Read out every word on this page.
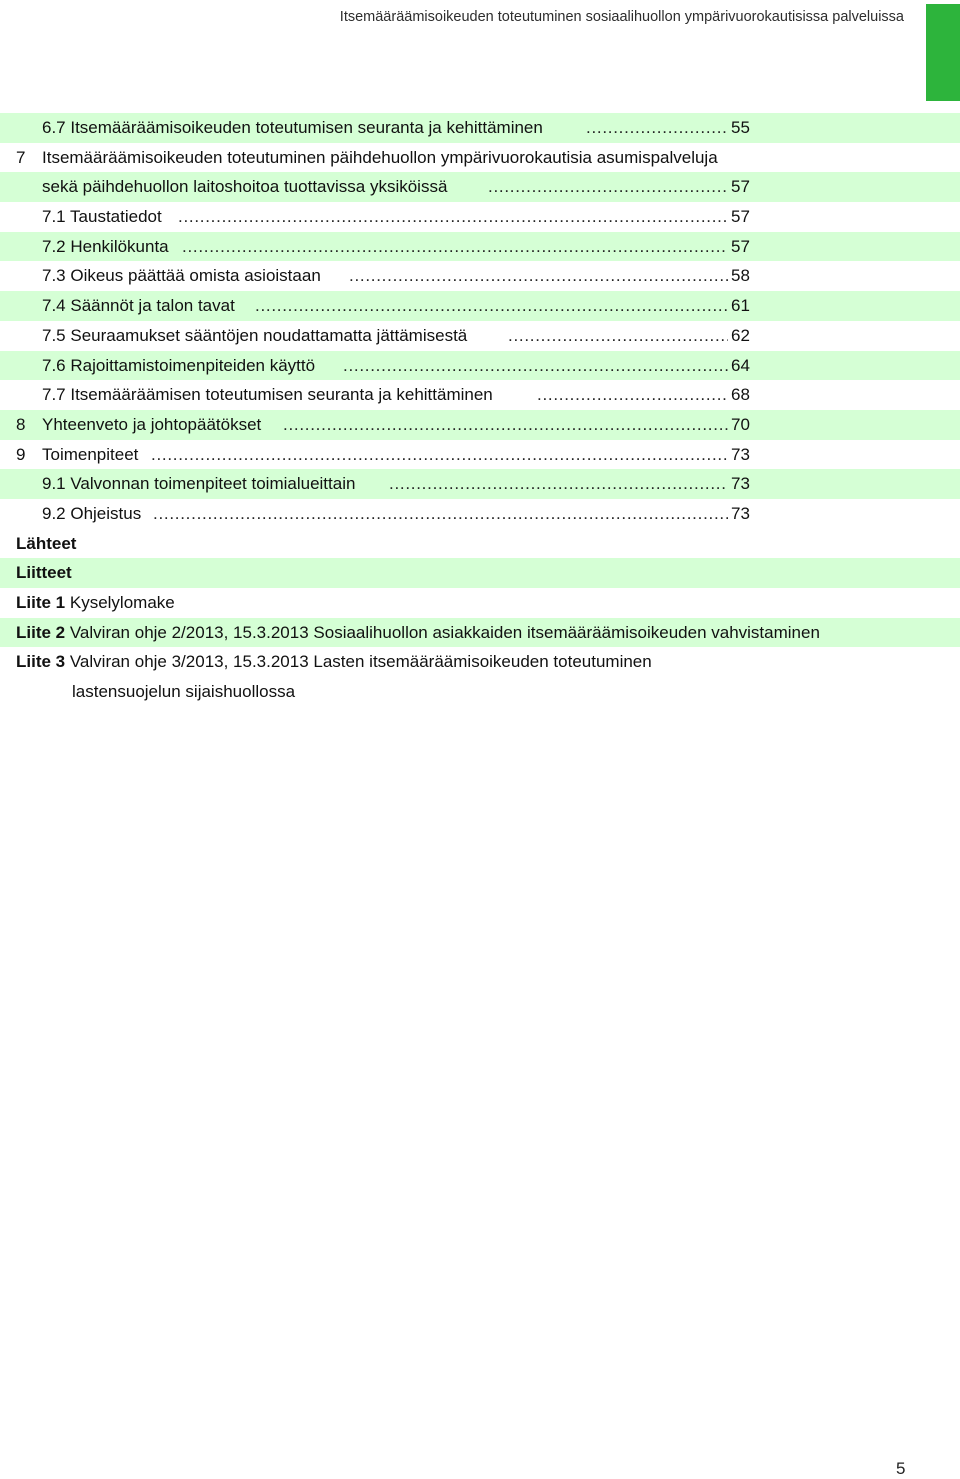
Itsemääräämisoikeuden toteutuminen sosiaalihuollon ympärivuorokautisissa palveluissa
6.7 Itsemääräämisoikeuden toteutumisen seuranta ja kehittäminen . . .	55
7 Itsemääräämisoikeuden toteutuminen päihdehuollon ympärivuorokautisia asumispalveluja
sekä päihdehuollon laitoshoitoa tuottavissa yksiköissä . . .	57
7.1 Taustatiedot . . .	57
7.2 Henkilökunta . . .	57
7.3 Oikeus päättää omista asioistaan . . .	58
7.4 Säännöt ja talon tavat . . .	61
7.5 Seuraamukset sääntöjen noudattamatta jättämisestä . . .	62
7.6 Rajoittamistoimenpiteiden käyttö . . .	64
7.7 Itsemääräämisen toteutumisen seuranta ja kehittäminen . . .	68
8 Yhteenveto ja johtopäätökset . . .	70
9 Toimenpiteet . . .	73
9.1 Valvonnan toimenpiteet toimialueittain . . .	73
9.2 Ohjeistus . . .	73
Lähteet
Liitteet
Liite 1 Kyselylomake
Liite 2 Valviran ohje 2/2013, 15.3.2013 Sosiaalihuollon asiakkaiden itsemääräämisoikeuden vahvistaminen
Liite 3 Valviran ohje 3/2013, 15.3.2013 Lasten itsemääräämisoikeuden toteutuminen
lastensuojelun sijaishuollossa
5
